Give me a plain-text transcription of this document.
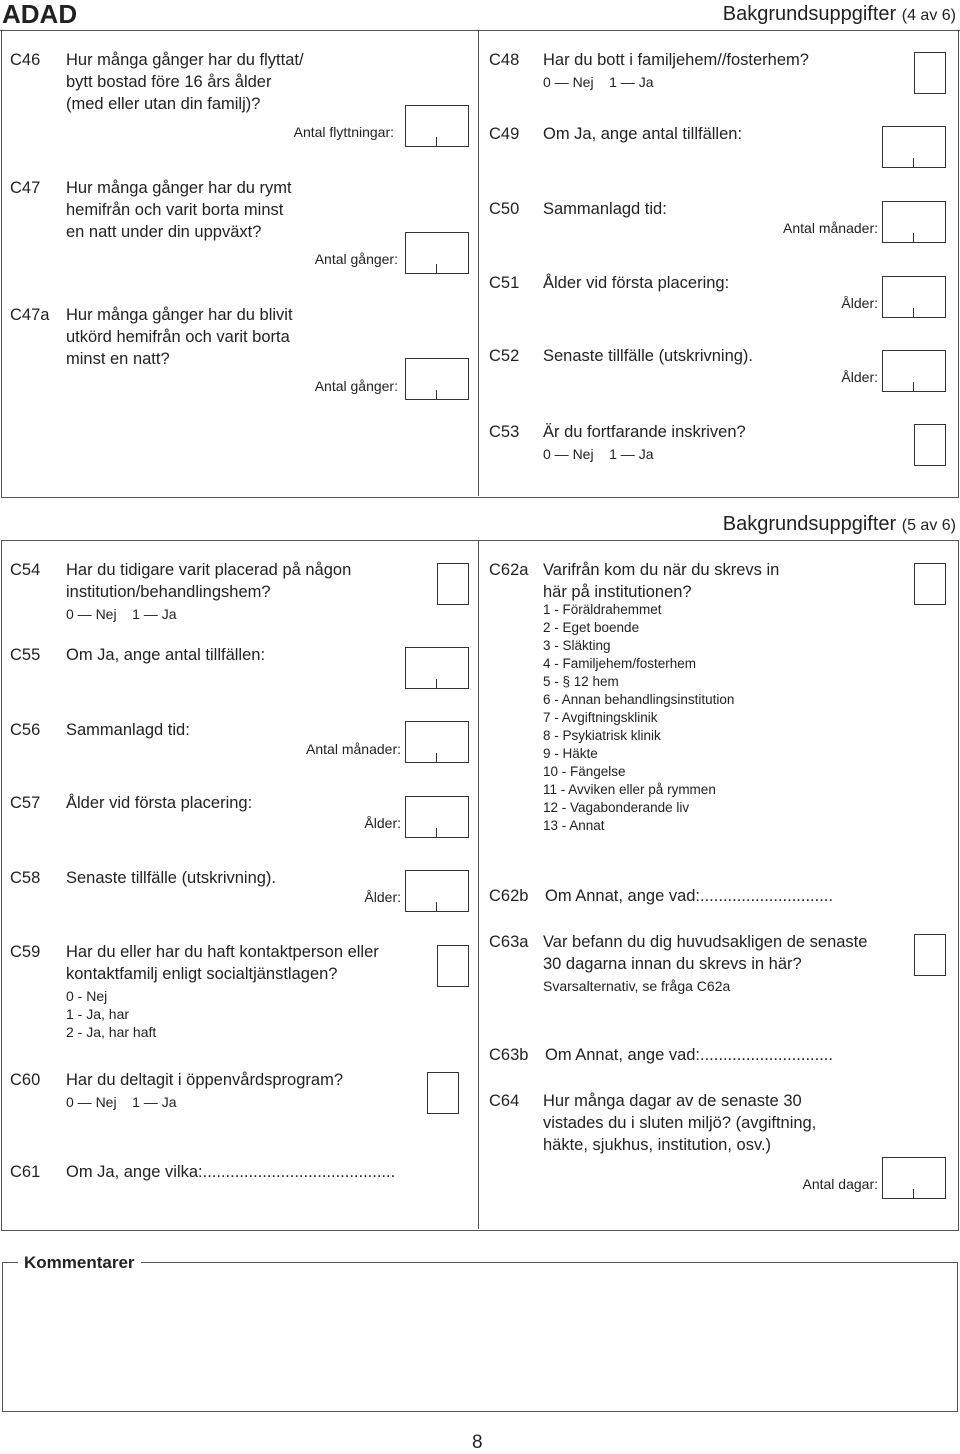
ADAD	Bakgrundsuppgifter (4 av 6)
C46 Hur många gånger har du flyttat/
bytt bostad före 16 års ålder
(med eller utan din familj)?
Antal flyttningar:
C47 Hur många gånger har du rymt
hemifrån och varit borta minst
en natt under din uppväxt?
Antal gånger:
C47a Hur många gånger har du blivit
utkörd hemifrån och varit borta
minst en natt?
Antal gånger:
C48 Har du bott i familjehem//fosterhem?
0 — Nej    1 — Ja
C49 Om Ja, ange antal tillfällen:
C50 Sammanlagd tid:
Antal månader:
C51 Ålder vid första placering:
Ålder:
C52 Senaste tillfälle (utskrivning).
Ålder:
C53 Är du fortfarande inskriven?
0 — Nej    1 — Ja
Bakgrundsuppgifter (5 av 6)
C54 Har du tidigare varit placerad på någon
institution/behandlingshem?
0 — Nej    1 — Ja
C55 Om Ja, ange antal tillfällen:
C56 Sammanlagd tid:
Antal månader:
C57 Ålder vid första placering:
Ålder:
C58 Senaste tillfälle (utskrivning).
Ålder:
C59 Har du eller har du haft kontaktperson eller
kontaktfamilj enligt socialtjänstlagen?
0 - Nej
1 - Ja, har
2 - Ja, har haft
C60 Har du deltagit i öppenvårdsprogram?
0 — Nej    1 — Ja
C61 Om Ja, ange vilka:..........................................
C62a Varifrån kom du när du skrevs in
här på institutionen?
1 - Föräldrahemmet
2 - Eget boende
3 - Släkting
4 - Familjehem/fosterhem
5 - § 12 hem
6 - Annan behandlingsinstitution
7 - Avgiftningsklinik
8 - Psykiatrisk klinik
9 - Häkte
10 - Fängelse
11 - Avviken eller på rymmen
12 - Vagabonderande liv
13 - Annat
C62b Om Annat, ange vad:.............................
C63a Var befann du dig huvudsakligen de senaste
30 dagarna innan du skrevs in här?
Svarsalternativ, se fråga C62a
C63b Om Annat, ange vad:.............................
C64 Hur många dagar av de senaste 30
vistades du i sluten miljö? (avgiftning,
häkte, sjukhus, institution, osv.)
Antal dagar:
Kommentarer
8
